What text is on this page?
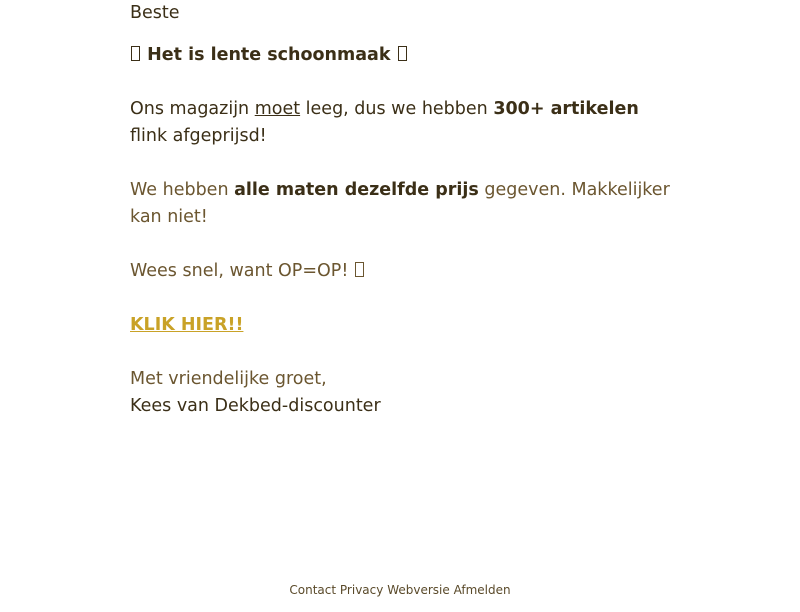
Beste

Het is lente schoonmaak

Ons magazijn moet leeg, dus we hebben 300+ artikelen flink afgeprijsd!

We hebben alle maten dezelfde prijs gegeven. Makkelijker kan niet!

Wees snel, want OP=OP!

KLIK HIER!!
Met vriendelijke groet,
Kees van Dekbed-discounter
Contact Privacy Webversie Afmelden
